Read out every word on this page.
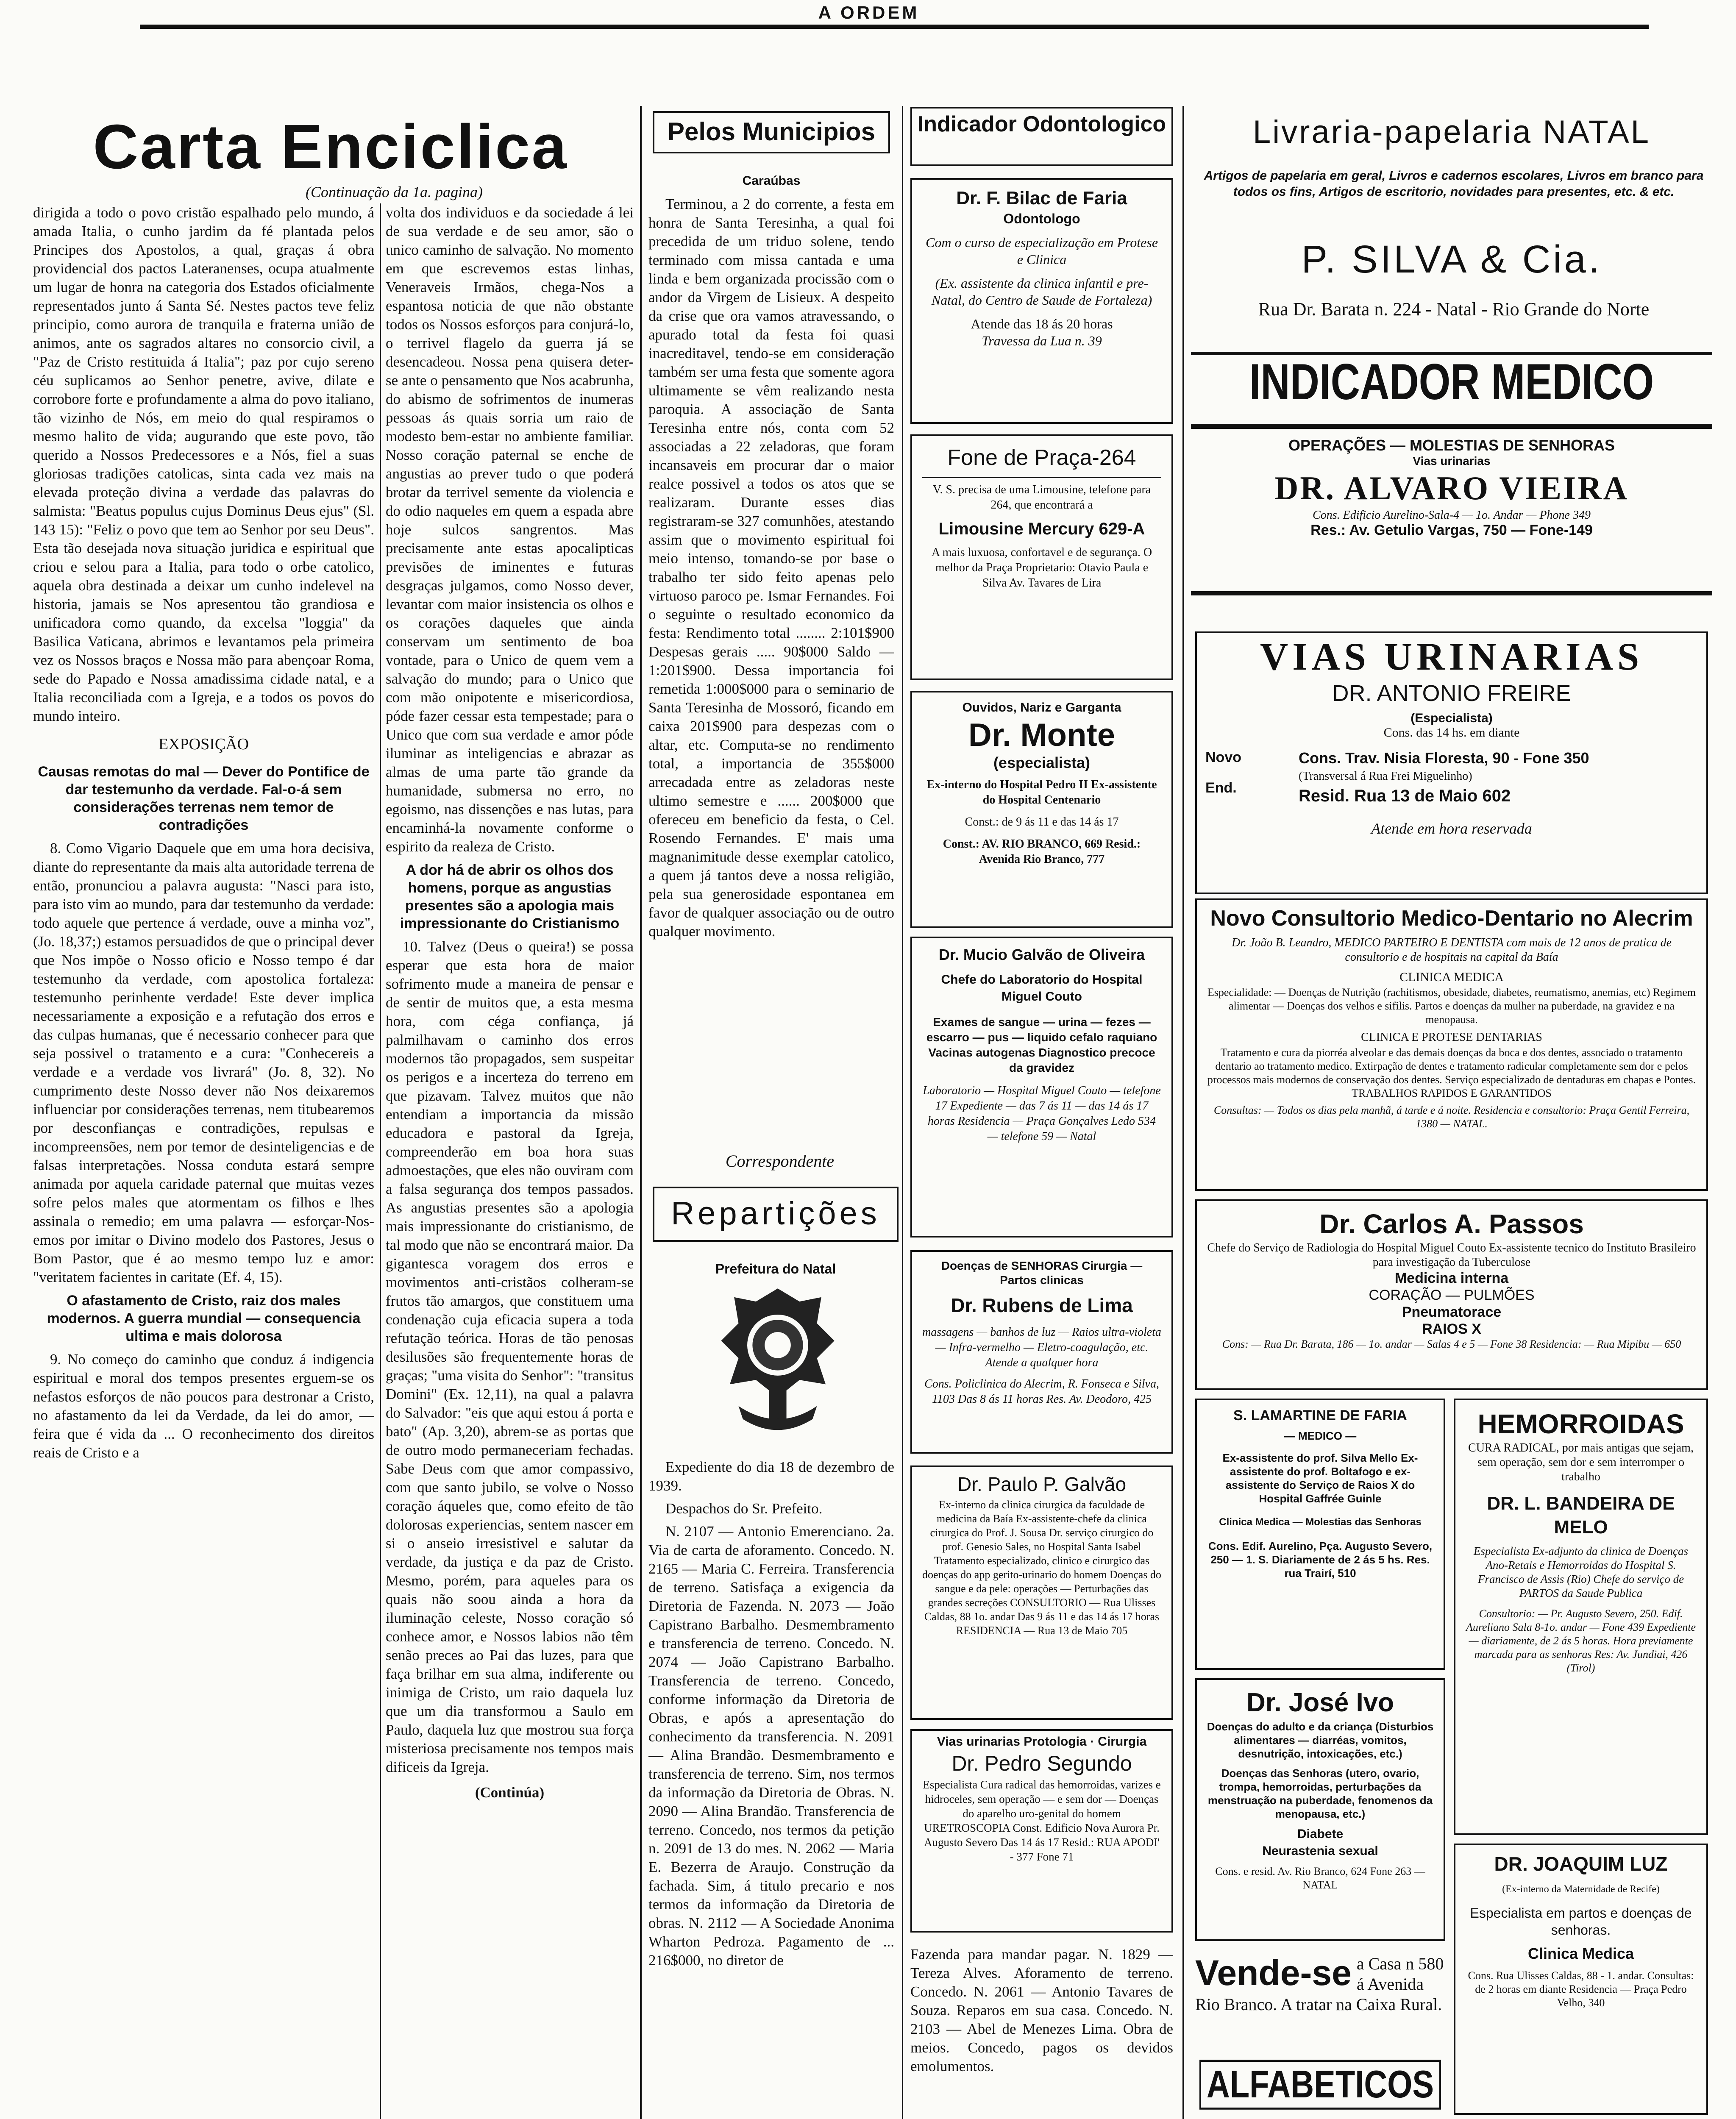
A ORDEM
Carta Enciclica
(Continuação da 1a. pagina)

dirigida a todo o povo cristão espalhado pelo mundo, á amada Italia, o cunho jardim da fé plantada pelos Principes dos Apostolos, a qual, graças á obra providencial dos pactos Lateranenses, ocupa atualmente um lugar de honra na categoria dos Estados oficialmente representados junto á Santa Sé. Nestes pactos teve feliz principio, como aurora de tranquila e fraterna união de animos, ante os sagrados altares no consorcio civil, a "Paz de Cristo restituida á Italia"; paz por cujo sereno céu suplicamos ao Senhor penetre, avive, dilate e corrobore forte e profundamente a alma do povo italiano, tão vizinho de Nós, em meio do qual respiramos o mesmo halito de vida; augurando que este povo, tão querido a Nossos Predecessores e a Nós, fiel a suas gloriosas tradições catolicas, sinta cada vez mais na elevada proteção divina a verdade das palavras do salmista: "Beatus populus cujus Dominus Deus ejus" (Sl. 143 15): "Feliz o povo que tem ao Senhor por seu Deus". Esta tão desejada nova situação juridica e espiritual que criou e selou para a Italia, para todo o orbe catolico, aquela obra destinada a deixar um cunho indelevel na historia, jamais se Nos apresentou tão grandiosa e unificadora como quando, da excelsa "loggia" da Basilica Vaticana, abrimos e levantamos pela primeira vez os Nossos braços e Nossa mão para abençoar Roma, sede do Papado e Nossa amadissima cidade natal, e a Italia reconciliada com a Igreja, e a todos os povos do mundo inteiro.

EXPOSIÇÃO
Causas remotas do mal — Dever do Pontifice de dar testemunho da verdade. Fal-o-á sem considerações terrenas nem temor de contradições

8. Como Vigario Daquele que em uma hora decisiva, diante do representante da mais alta autoridade terrena de então, pronunciou a palavra augusta: "Nasci para isto, para isto vim ao mundo, para dar testemunho da verdade: todo aquele que pertence á verdade, ouve a minha voz", (Jo. 18,37;) estamos persuadidos de que o principal dever que Nos impõe o Nosso oficio e Nosso tempo é dar testemunho da verdade, com apostolica fortaleza: testemunho perinhente verdade! Este dever implica necessariamente a exposição e a refutação dos erros e das culpas humanas, que é necessario conhecer para que seja possivel o tratamento e a cura: "Conhecereis a verdade e a verdade vos livrará" (Jo. 8, 32). No cumprimento deste Nosso dever não Nos deixaremos influenciar por considerações terrenas, nem titubearemos por desconfianças e contradições, repulsas e incompreensões, nem por temor de desinteligencias e de falsas interpretações. Nossa conduta estará sempre animada por aquela caridade paternal que muitas vezes sofre pelos males que atormentam os filhos e lhes assinala o remedio; em uma palavra — esforçar-Nos-emos por imitar o Divino modelo dos Pastores, Jesus o Bom Pastor, que é ao mesmo tempo luz e amor: "veritatem facientes in caritate (Ef. 4, 15).

O afastamento de Cristo, raiz dos males modernos. A guerra mundial — consequencia ultima e mais dolorosa

9. No começo do caminho que conduz á indigencia espiritual e moral dos tempos presentes erguem-se os nefastos esforços de não poucos para destronar a Cristo, no afastamento da lei da Verdade, da lei do amor, — feira que é vida da ... O reconhecimento dos direitos reais de Cristo e a

volta dos individuos e da sociedade á lei de sua verdade e de seu amor, são o unico caminho de salvação. No momento em que escrevemos estas linhas, Veneraveis Irmãos, chega-Nos a espantosa noticia de que não obstante todos os Nossos esforços para conjurá-lo, o terrivel flagelo da guerra já se desencadeou. Nossa pena quisera deter-se ante o pensamento que Nos acabrunha, do abismo de sofrimentos de inumeras pessoas ás quais sorria um raio de modesto bem-estar no ambiente familiar. Nosso coração paternal se enche de angustias ao prever tudo o que poderá brotar da terrivel semente da violencia e do odio naqueles em quem a espada abre hoje sulcos sangrentos. Mas precisamente ante estas apocalipticas previsões de iminentes e futuras desgraças julgamos, como Nosso dever, levantar com maior insistencia os olhos e os corações daqueles que ainda conservam um sentimento de boa vontade, para o Unico de quem vem a salvação do mundo; para o Unico que com mão onipotente e misericordiosa, póde fazer cessar esta tempestade; para o Unico que com sua verdade e amor póde iluminar as inteligencias e abrazar as almas de uma parte tão grande da humanidade, submersa no erro, no egoismo, nas dissenções e nas lutas, para encaminhá-la novamente conforme o espirito da realeza de Cristo.

A dor há de abrir os olhos dos homens, porque as angustias presentes são a apologia mais impressionante do Cristianismo

10. Talvez (Deus o queira!) se possa esperar que esta hora de maior sofrimento mude a maneira de pensar e de sentir de muitos que, a esta mesma hora, com céga confiança, já palmilhavam o caminho dos erros modernos tão propagados, sem suspeitar os perigos e a incerteza do terreno em que pizavam. Talvez muitos que não entendiam a importancia da missão educadora e pastoral da Igreja, compreenderão em boa hora suas admoestações, que eles não ouviram com a falsa segurança dos tempos passados. As angustias presentes são a apologia mais impressionante do cristianismo, de tal modo que não se encontrará maior. Da gigantesca voragem dos erros e movimentos anti-cristãos colheram-se frutos tão amargos, que constituem uma condenação cuja eficacia supera a toda refutação teórica. Horas de tão penosas desilusões são frequentemente horas de graças; "uma visita do Senhor": "transitus Domini" (Ex. 12,11), na qual a palavra do Salvador: "eis que aqui estou á porta e bato" (Ap. 3,20), abrem-se as portas que de outro modo permaneceriam fechadas. Sabe Deus com que amor compassivo, com que santo jubilo, se volve o Nosso coração áqueles que, como efeito de tão dolorosas experiencias, sentem nascer em si o anseio irresistivel e salutar da verdade, da justiça e da paz de Cristo. Mesmo, porém, para aqueles para os quais não soou ainda a hora da iluminação celeste, Nosso coração só conhece amor, e Nossos labios não têm senão preces ao Pai das luzes, para que faça brilhar em sua alma, indiferente ou inimiga de Cristo, um raio daquela luz que um dia transformou a Saulo em Paulo, daquela luz que mostrou sua força misteriosa precisamente nos tempos mais dificeis da Igreja.

(Continúa)
Pelos Municipios
Caraúbas

Terminou, a 2 do corrente, a festa em honra de Santa Teresinha, a qual foi precedida de um triduo solene, tendo terminado com missa cantada e uma linda e bem organizada procissão com o andor da Virgem de Lisieux. A despeito da crise que ora vamos atravessando, o apurado total da festa foi quasi inacreditavel, tendo-se em consideração também ser uma festa que somente agora ultimamente se vêm realizando nesta paroquia. A associação de Santa Teresinha entre nós, conta com 52 associadas a 22 zeladoras, que foram incansaveis em procurar dar o maior realce possivel a todos os atos que se realizaram. Durante esses dias registraram-se 327 comunhões, atestando assim que o movimento espiritual foi meio intenso, tomando-se por base o trabalho ter sido feito apenas pelo virtuoso paroco pe. Ismar Fernandes. Foi o seguinte o resultado economico da festa: Rendimento total ........ 2:101$900 Despesas gerais ..... 90$000 Saldo — 1:201$900. Dessa importancia foi remetida 1:000$000 para o seminario de Santa Teresinha de Mossoró, ficando em caixa 201$900 para despezas com o altar, etc. Computa-se no rendimento total, a importancia de 355$000 arrecadada entre as zeladoras neste ultimo semestre e ...... 200$000 que ofereceu em beneficio da festa, o Cel. Rosendo Fernandes. E' mais uma magnanimitude desse exemplar catolico, a quem já tantos deve a nossa religião, pela sua generosidade espontanea em favor de qualquer associação ou de outro qualquer movimento.

Correspondente
Repartições
Prefeitura do Natal

Expediente do dia 18 de dezembro de 1939.

Despachos do Sr. Prefeito.

N. 2107 — Antonio Emerenciano. 2a. Via de carta de aforamento. Concedo. N. 2165 — Maria C. Ferreira. Transferencia de terreno. Satisfaça a exigencia da Diretoria de Fazenda. N. 2073 — João Capistrano Barbalho. Desmembramento e transferencia de terreno. Concedo. N. 2074 — João Capistrano Barbalho. Transferencia de terreno. Concedo, conforme informação da Diretoria de Obras, e após a apresentação do conhecimento da transferencia. N. 2091 — Alina Brandão. Desmembramento e transferencia de terreno. Sim, nos termos da informação da Diretoria de Obras. N. 2090 — Alina Brandão. Transferencia de terreno. Concedo, nos termos da petição n. 2091 de 13 do mes. N. 2062 — Maria E. Bezerra de Araujo. Construção da fachada. Sim, á titulo precario e nos termos da informação da Diretoria de obras. N. 2112 — A Sociedade Anonima Wharton Pedroza. Pagamento de ... 216$000, no diretor de

Indicador Odontologico
Dr. F. Bilac de Faria
Odontologo
Com o curso de especialização em Protese e Clinica
(Ex. assistente da clinica infantil e pre-Natal, do Centro de Saude de Fortaleza)
Atende das 18 ás 20 horas
Travessa da Lua n. 39
Fone de Praça-264
V. S. precisa de uma Limousine, telefone para 264, que encontrará a
Limousine Mercury 629-A
A mais luxuosa, confortavel e de segurança. O melhor da Praça Proprietario: Otavio Paula e Silva Av. Tavares de Lira
Ouvidos, Nariz e Garganta
Dr. Monte
(especialista)
Ex-interno do Hospital Pedro II Ex-assistente do Hospital Centenario
Const.: de 9 ás 11 e das 14 ás 17
Const.: AV. RIO BRANCO, 669 Resid.: Avenida Rio Branco, 777
Dr. Mucio Galvão de Oliveira
Chefe do Laboratorio do Hospital Miguel Couto
Exames de sangue — urina — fezes — escarro — pus — liquido cefalo raquiano Vacinas autogenas Diagnostico precoce da gravidez
Laboratorio — Hospital Miguel Couto — telefone 17 Expediente — das 7 ás 11 — das 14 ás 17 horas Residencia — Praça Gonçalves Ledo 534 — telefone 59 — Natal
Doenças de SENHORAS Cirurgia — Partos clinicas
Dr. Rubens de Lima
massagens — banhos de luz — Raios ultra-violeta — Infra-vermelho — Eletro-coagulação, etc. Atende a qualquer hora
Cons. Policlinica do Alecrim, R. Fonseca e Silva, 1103 Das 8 ás 11 horas Res. Av. Deodoro, 425
Dr. Paulo P. Galvão
Ex-interno da clinica cirurgica da faculdade de medicina da Baía Ex-assistente-chefe da clinica cirurgica do Prof. J. Sousa Dr. serviço cirurgico do prof. Genesio Sales, no Hospital Santa Isabel Tratamento especializado, clinico e cirurgico das doenças do app gerito-urinario do homem Doenças do sangue e da pele: operações — Perturbações das grandes secreções CONSULTORIO — Rua Ulisses Caldas, 88 1o. andar Das 9 ás 11 e das 14 ás 17 horas RESIDENCIA — Rua 13 de Maio 705
Vias urinarias Protologia · Cirurgia
Dr. Pedro Segundo
Especialista Cura radical das hemorroidas, varizes e hidroceles, sem operação — e sem dor — Doenças do aparelho uro-genital do homem URETROSCOPIA Const. Edificio Nova Aurora Pr. Augusto Severo Das 14 ás 17 Resid.: RUA APODI' - 377 Fone 71

Fazenda para mandar pagar. N. 1829 — Tereza Alves. Aforamento de terreno. Concedo. N. 2061 — Antonio Tavares de Souza. Reparos em sua casa. Concedo. N. 2103 — Abel de Menezes Lima. Obra de meios. Concedo, pagos os devidos emolumentos.

Livraria-papelaria NATAL
Artigos de papelaria em geral, Livros e cadernos escolares, Livros em branco para todos os fins, Artigos de escritorio, novidades para presentes, etc. & etc.
P. SILVA & Cia.
Rua Dr. Barata n. 224 - Natal - Rio Grande do Norte
INDICADOR MEDICO
OPERAÇÕES — MOLESTIAS DE SENHORAS
Vias urinarias
DR. ALVARO VIEIRA
Cons. Edificio Aurelino-Sala-4 — 1o. Andar — Phone 349
Res.: Av. Getulio Vargas, 750 — Fone-149
VIAS URINARIAS
DR. ANTONIO FREIRE
(Especialista)
Cons. das 14 hs. em diante
Novo
End.
Cons. Trav. Nisia Floresta, 90 - Fone 350
(Transversal á Rua Frei Miguelinho)
Resid. Rua 13 de Maio 602
Atende em hora reservada
Novo Consultorio Medico-Dentario no Alecrim
Dr. João B. Leandro, MEDICO PARTEIRO E DENTISTA com mais de 12 anos de pratica de consultorio e de hospitais na capital da Baía
CLINICA MEDICA
Especialidade: — Doenças de Nutrição (rachitismos, obesidade, diabetes, reumatismo, anemias, etc) Regimem alimentar — Doenças dos velhos e sifilis. Partos e doenças da mulher na puberdade, na gravidez e na menopausa.
CLINICA E PROTESE DENTARIAS
Tratamento e cura da piorréa alveolar e das demais doenças da boca e dos dentes, associado o tratamento dentario ao tratamento medico. Extirpação de dentes e tratamento radicular completamente sem dor e pelos processos mais modernos de conservação dos dentes. Serviço especializado de dentaduras em chapas e Pontes. TRABALHOS RAPIDOS E GARANTIDOS
Consultas: — Todos os dias pela manhã, á tarde e á noite. Residencia e consultorio: Praça Gentil Ferreira, 1380 — NATAL.
Dr. Carlos A. Passos
Chefe do Serviço de Radiologia do Hospital Miguel Couto Ex-assistente tecnico do Instituto Brasileiro para investigação da Tuberculose
Medicina interna
CORAÇÃO — PULMÕES
Pneumatorace
RAIOS X
Cons: — Rua Dr. Barata, 186 — 1o. andar — Salas 4 e 5 — Fone 38 Residencia: — Rua Mipibu — 650
S. LAMARTINE DE FARIA
— MEDICO —
Ex-assistente do prof. Silva Mello Ex-assistente do prof. Boltafogo e ex-assistente do Serviço de Raios X do Hospital Gaffrée Guinle
Clinica Medica — Molestias das Senhoras
Cons. Edif. Aurelino, Pça. Augusto Severo, 250 — 1. S. Diariamente de 2 ás 5 hs. Res. rua Trairí, 510
HEMORROIDAS
CURA RADICAL, por mais antigas que sejam, sem operação, sem dor e sem interromper o trabalho
DR. L. BANDEIRA DE MELO
Especialista Ex-adjunto da clinica de Doenças Ano-Retais e Hemorroidas do Hospital S. Francisco de Assis (Rio) Chefe do serviço de PARTOS da Saude Publica
Consultorio: — Pr. Augusto Severo, 250. Edif. Aureliano Sala 8-1o. andar — Fone 439 Expediente — diariamente, de 2 ás 5 horas. Hora previamente marcada para as senhoras Res: Av. Jundiai, 426 (Tirol)
Dr. José Ivo
Doenças do adulto e da criança (Disturbios alimentares — diarréas, vomitos, desnutrição, intoxicações, etc.)
Doenças das Senhoras (utero, ovario, trompa, hemorroidas, perturbações da menstruação na puberdade, fenomenos da menopausa, etc.)
Diabete
Neurastenia sexual
Cons. e resid. Av. Rio Branco, 624 Fone 263 — NATAL
DR. JOAQUIM LUZ
(Ex-interno da Maternidade de Recife)
Especialista em partos e doenças de senhoras.
Clinica Medica
Cons. Rua Ulisses Caldas, 88 - 1. andar. Consultas: de 2 horas em diante Residencia — Praça Pedro Velho, 340
Vende-se a Casa n 580 á Avenida Rio Branco. A tratar na Caixa Rural.
ALFABETICOS
